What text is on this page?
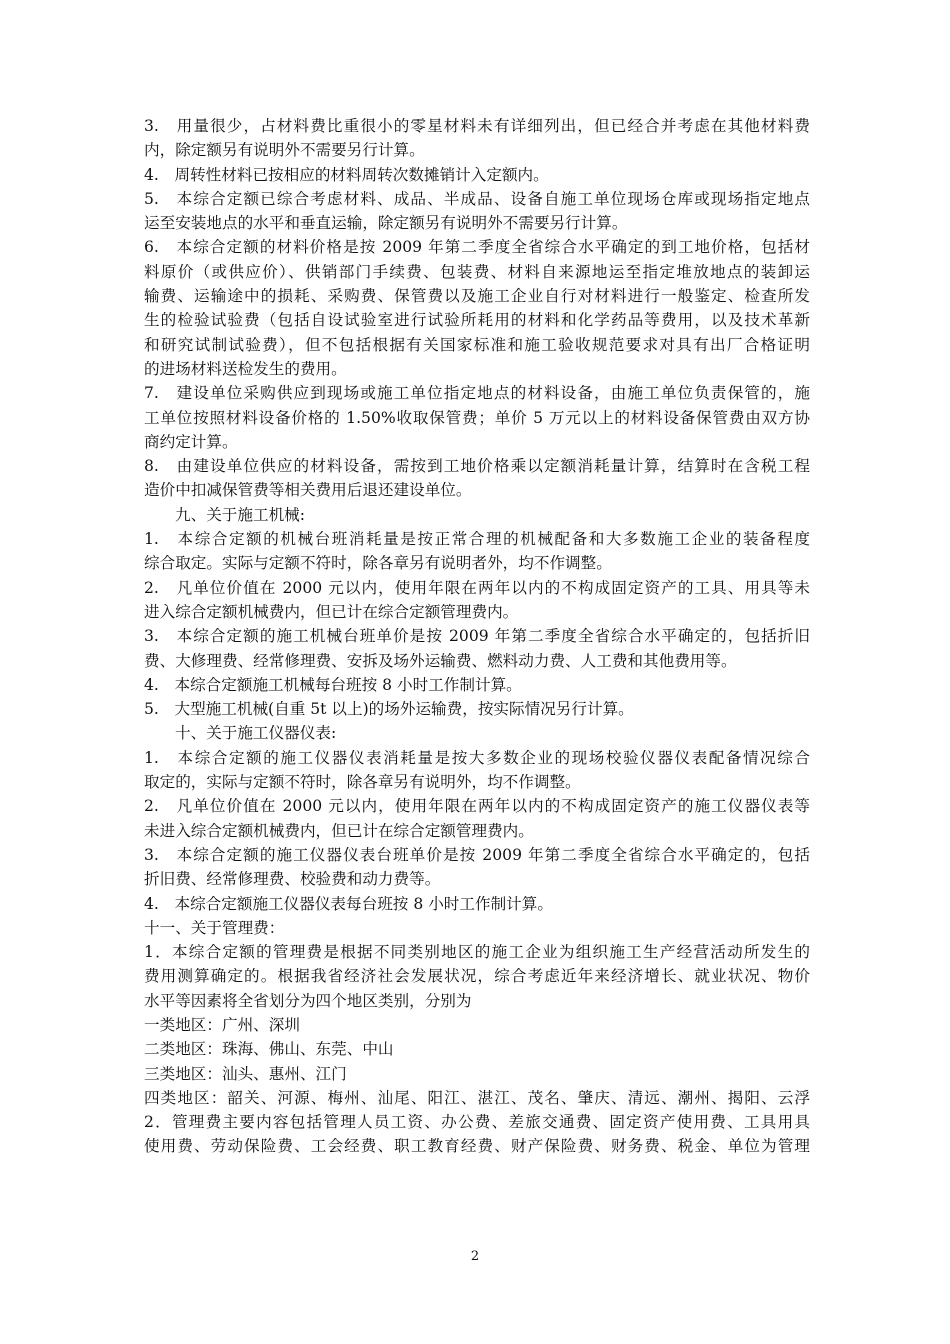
3.　用量很少，占材料费比重很小的零星材料未有详细列出，但已经合并考虑在其他材料费
内，除定额另有说明外不需要另行计算。
4.　周转性材料已按相应的材料周转次数摊销计入定额内。
5.　本综合定额已综合考虑材料、成品、半成品、设备自施工单位现场仓库或现场指定地点
运至安装地点的水平和垂直运输，除定额另有说明外不需要另行计算。
6.　本综合定额的材料价格是按 2009 年第二季度全省综合水平确定的到工地价格，包括材
料原价（或供应价）、供销部门手续费、包装费、材料自来源地运至指定堆放地点的装卸运
输费、运输途中的损耗、采购费、保管费以及施工企业自行对材料进行一般鉴定、检查所发
生的检验试验费（包括自设试验室进行试验所耗用的材料和化学药品等费用，以及技术革新
和研究试制试验费），但不包括根据有关国家标准和施工验收规范要求对具有出厂合格证明
的进场材料送检发生的费用。
7.　建设单位采购供应到现场或施工单位指定地点的材料设备，由施工单位负责保管的，施
工单位按照材料设备价格的 1.50%收取保管费；单价 5 万元以上的材料设备保管费由双方协
商约定计算。
8.　由建设单位供应的材料设备，需按到工地价格乘以定额消耗量计算，结算时在含税工程
造价中扣减保管费等相关费用后退还建设单位。
九、关于施工机械:
1.　本综合定额的机械台班消耗量是按正常合理的机械配备和大多数施工企业的装备程度
综合取定。实际与定额不符时，除各章另有说明者外，均不作调整。
2.　凡单位价值在 2000 元以内，使用年限在两年以内的不构成固定资产的工具、用具等未
进入综合定额机械费内，但已计在综合定额管理费内。
3.　本综合定额的施工机械台班单价是按 2009 年第二季度全省综合水平确定的，包括折旧
费、大修理费、经常修理费、安拆及场外运输费、燃料动力费、人工费和其他费用等。
4.　本综合定额施工机械每台班按 8 小时工作制计算。
5.　大型施工机械(自重 5t 以上)的场外运输费，按实际情况另行计算。
十、关于施工仪器仪表:
1.　本综合定额的施工仪器仪表消耗量是按大多数企业的现场校验仪器仪表配备情况综合
取定的，实际与定额不符时，除各章另有说明外，均不作调整。
2.　凡单位价值在 2000 元以内，使用年限在两年以内的不构成固定资产的施工仪器仪表等
未进入综合定额机械费内，但已计在综合定额管理费内。
3.　本综合定额的施工仪器仪表台班单价是按 2009 年第二季度全省综合水平确定的，包括
折旧费、经常修理费、校验费和动力费等。
4.　本综合定额施工仪器仪表每台班按 8 小时工作制计算。
十一、关于管理费：
1．本综合定额的管理费是根据不同类别地区的施工企业为组织施工生产经营活动所发生的
费用测算确定的。根据我省经济社会发展状况，综合考虑近年来经济增长、就业状况、物价
水平等因素将全省划分为四个地区类别，分别为
一类地区：广州、深圳
二类地区：珠海、佛山、东莞、中山
三类地区：汕头、惠州、江门
四类地区：韶关、河源、梅州、汕尾、阳江、湛江、茂名、肇庆、清远、潮州、揭阳、云浮
2．管理费主要内容包括管理人员工资、办公费、差旅交通费、固定资产使用费、工具用具
使用费、劳动保险费、工会经费、职工教育经费、财产保险费、财务费、税金、单位为管理
2
